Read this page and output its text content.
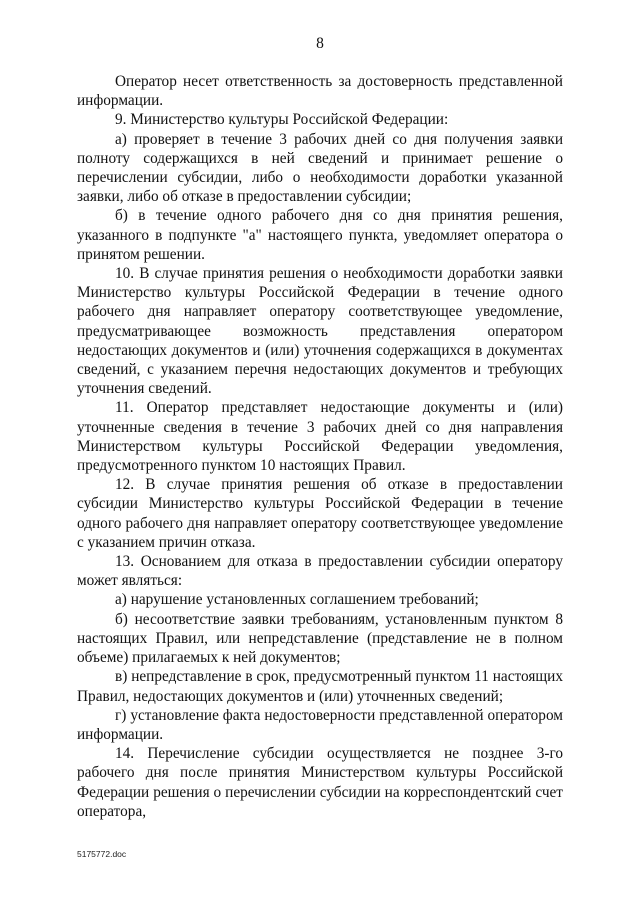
8

Оператор несет ответственность за достоверность представленной информации.

9. Министерство культуры Российской Федерации:

а) проверяет в течение 3 рабочих дней со дня получения заявки полноту содержащихся в ней сведений и принимает решение о перечислении субсидии, либо о необходимости доработки указанной заявки, либо об отказе в предоставлении субсидии;

б) в течение одного рабочего дня со дня принятия решения, указанного в подпункте "а" настоящего пункта, уведомляет оператора о принятом решении.

10. В случае принятия решения о необходимости доработки заявки Министерство культуры Российской Федерации в течение одного рабочего дня направляет оператору соответствующее уведомление, предусматривающее возможность представления оператором недостающих документов и (или) уточнения содержащихся в документах сведений, с указанием перечня недостающих документов и требующих уточнения сведений.

11. Оператор представляет недостающие документы и (или) уточненные сведения в течение 3 рабочих дней со дня направления Министерством культуры Российской Федерации уведомления, предусмотренного пунктом 10 настоящих Правил.

12. В случае принятия решения об отказе в предоставлении субсидии Министерство культуры Российской Федерации в течение одного рабочего дня направляет оператору соответствующее уведомление с указанием причин отказа.

13. Основанием для отказа в предоставлении субсидии оператору может являться:

а) нарушение установленных соглашением требований;

б) несоответствие заявки требованиям, установленным пунктом 8 настоящих Правил, или непредставление (представление не в полном объеме) прилагаемых к ней документов;

в) непредставление в срок, предусмотренный пунктом 11 настоящих Правил, недостающих документов и (или) уточненных сведений;

г) установление факта недостоверности представленной оператором информации.

14. Перечисление субсидии осуществляется не позднее 3-го рабочего дня после принятия Министерством культуры Российской Федерации решения о перечислении субсидии на корреспондентский счет оператора,

5175772.doc
